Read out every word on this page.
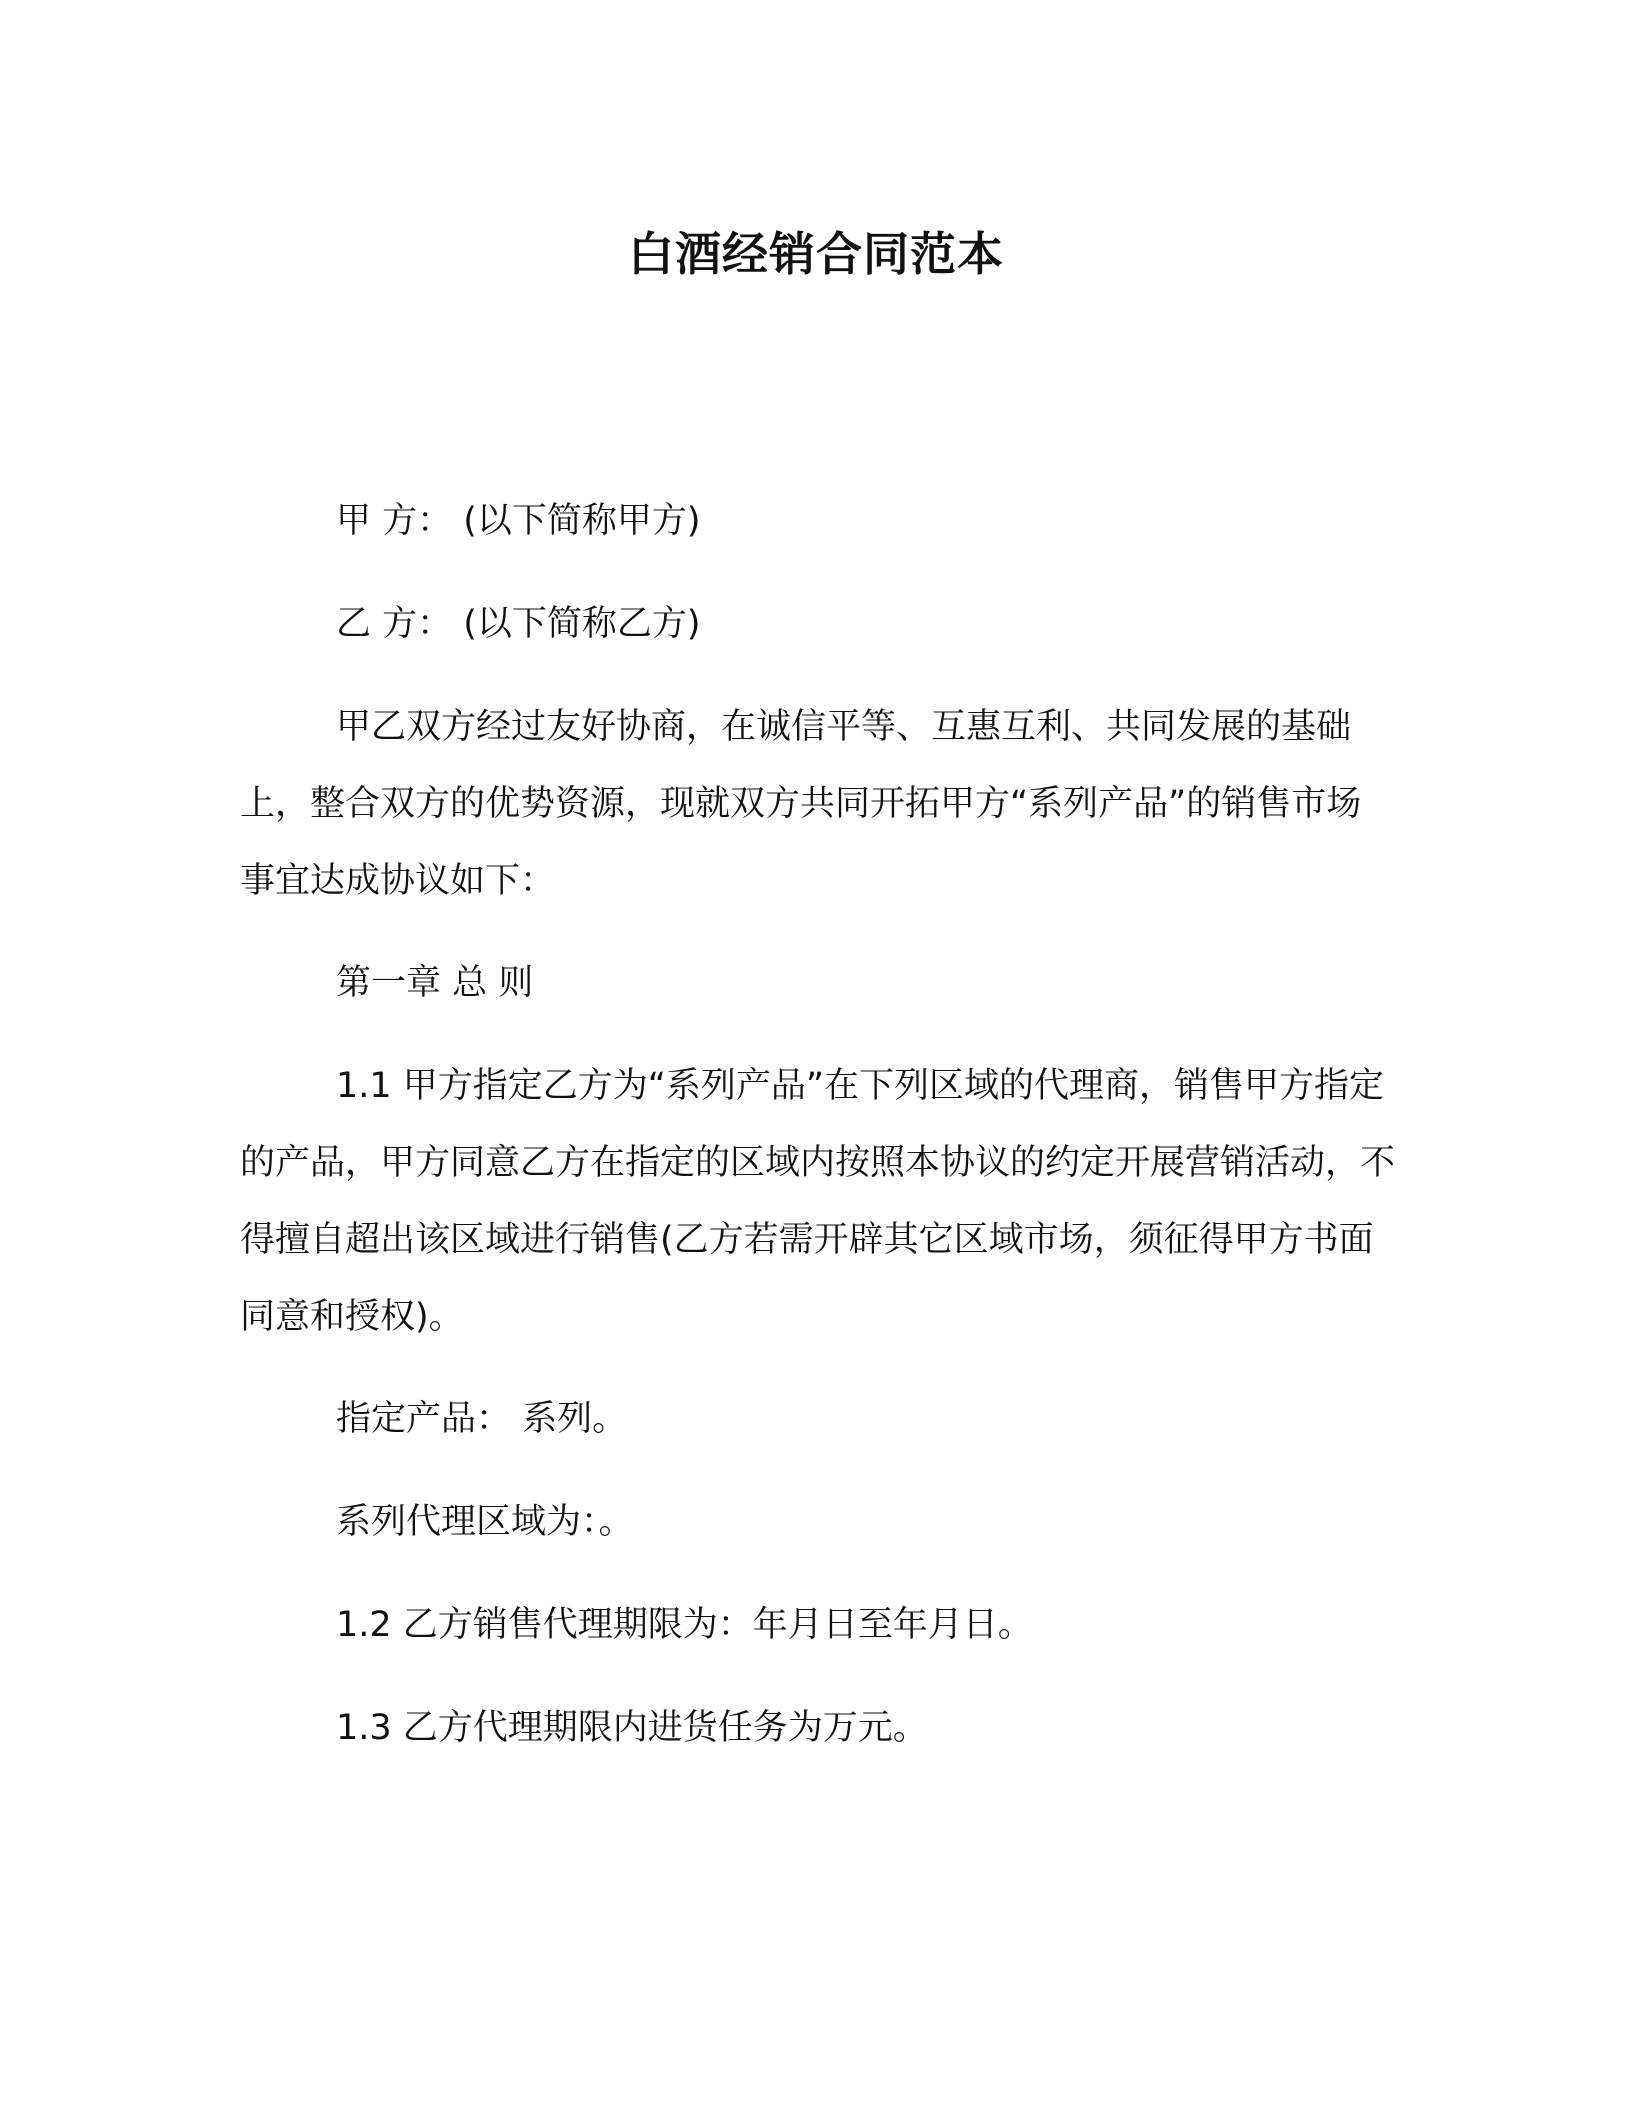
白酒经销合同范本

甲 方： (以下简称甲方)

乙 方： (以下简称乙方)

甲乙双方经过友好协商，在诚信平等、互惠互利、共同发展的基础上，整合双方的优势资源，现就双方共同开拓甲方“系列产品”的销售市场事宜达成协议如下：

第一章 总 则

1.1 甲方指定乙方为“系列产品”在下列区域的代理商，销售甲方指定的产品，甲方同意乙方在指定的区域内按照本协议的约定开展营销活动，不得擅自超出该区域进行销售(乙方若需开辟其它区域市场，须征得甲方书面同意和授权)。

指定产品： 系列。

系列代理区域为：。

1.2 乙方销售代理期限为：年月日至年月日。

1.3 乙方代理期限内进货任务为万元。
